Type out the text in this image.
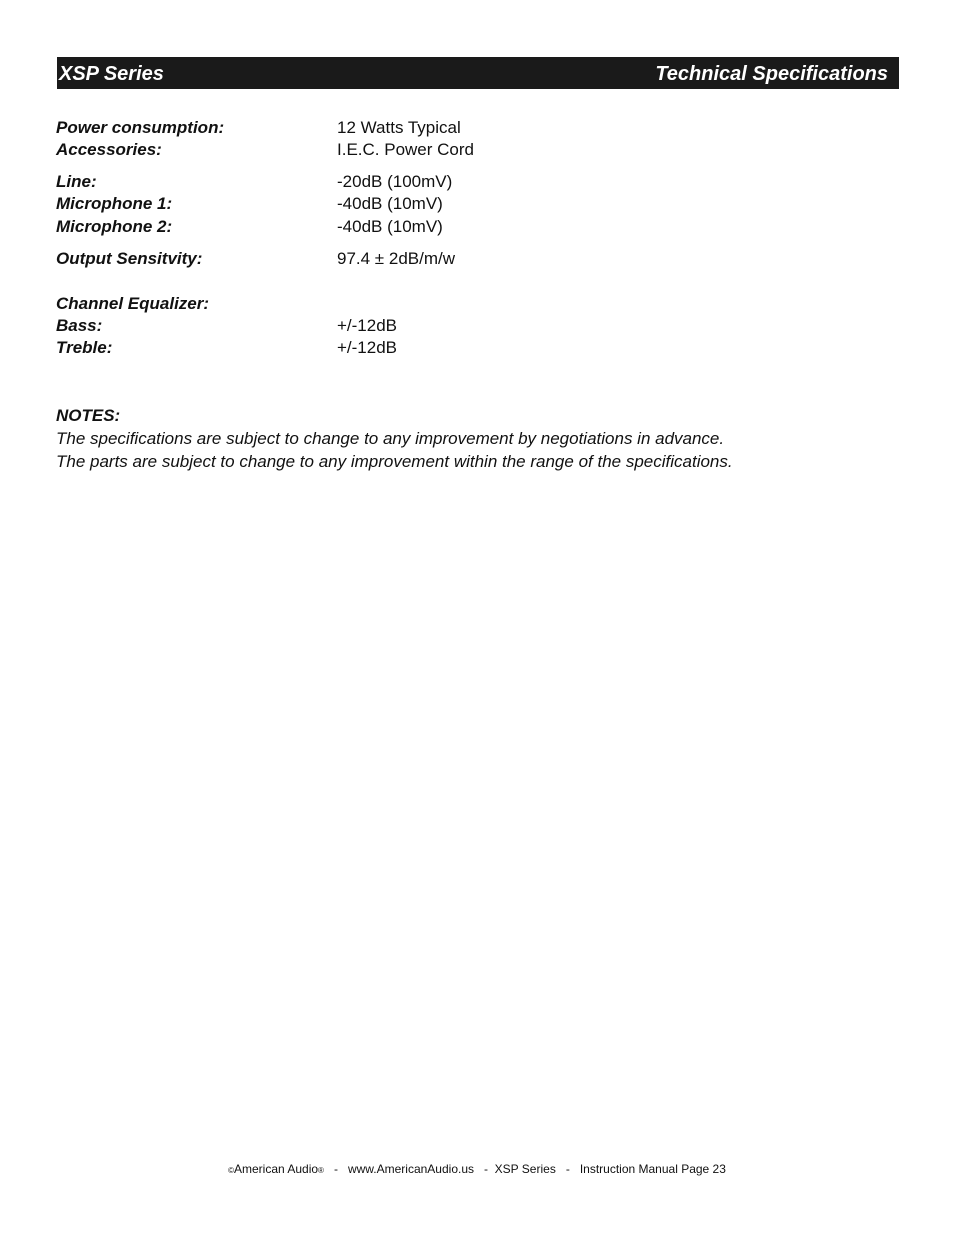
XSP Series	Technical Specifications
Power consumption:	12 Watts Typical
Accessories:	I.E.C. Power Cord
Line:	-20dB (100mV)
Microphone 1:	-40dB (10mV)
Microphone 2:	-40dB (10mV)
Output Sensitvity:	97.4 ± 2dB/m/w
Channel Equalizer:
Bass:	+/-12dB
Treble:	+/-12dB
NOTES:
The specifications are subject to change to any improvement by negotiations in advance.
The parts are subject to change to any improvement within the range of the specifications.
©American Audio®   -   www.AmericanAudio.us   -  XSP Series   -   Instruction Manual Page 23
